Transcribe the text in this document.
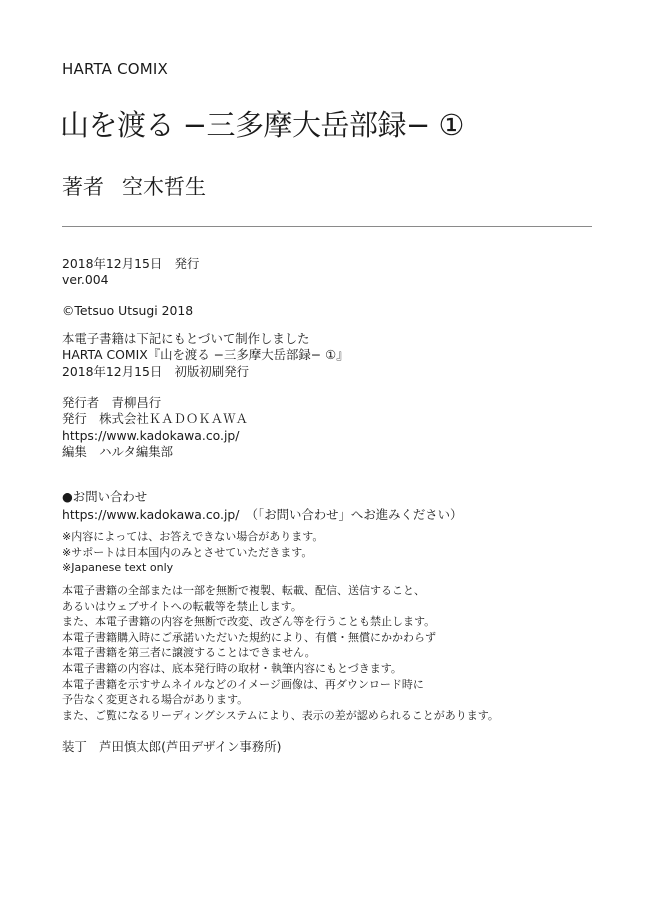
HARTA COMIX
山を渡る −三多摩大岳部録− ①
著者 空木哲生
2018年12月15日　発行
ver.004
©Tetsuo Utsugi 2018
本電子書籍は下記にもとづいて制作しました
HARTA COMIX『山を渡る −三多摩大岳部録− ①』
2018年12月15日　初版初刷発行
発行者　青柳昌行
発行　株式会社ＫＡＤＯＫＡＷＡ
https://www.kadokawa.co.jp/
編集　ハルタ編集部
●お問い合わせ
https://www.kadokawa.co.jp/　（「お問い合わせ」へお進みください）
※内容によっては、お答えできない場合があります。
※サポートは日本国内のみとさせていただきます。
※Japanese text only
本電子書籍の全部または一部を無断で複製、転載、配信、送信すること、
あるいはウェブサイトへの転載等を禁止します。
また、本電子書籍の内容を無断で改変、改ざん等を行うことも禁止します。
本電子書籍購入時にご承諾いただいた規約により、有償・無償にかかわらず
本電子書籍を第三者に譲渡することはできません。
本電子書籍の内容は、底本発行時の取材・執筆内容にもとづきます。
本電子書籍を示すサムネイルなどのイメージ画像は、再ダウンロード時に
予告なく変更される場合があります。
また、ご覧になるリーディングシステムにより、表示の差が認められることがあります。
装丁　芦田慎太郎(芦田デザイン事務所)
